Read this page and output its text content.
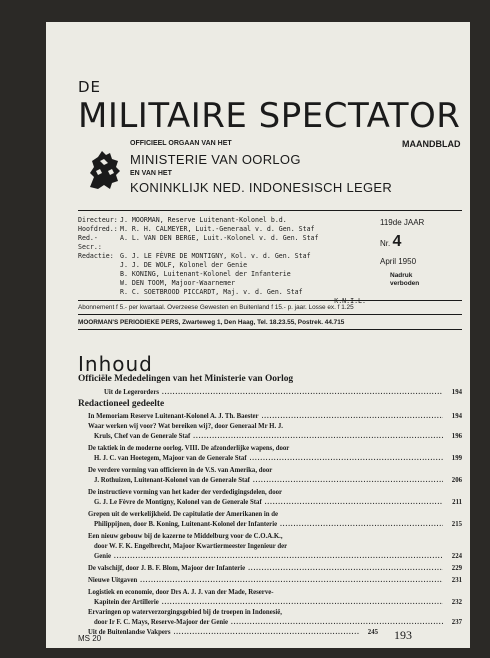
DE
MILITAIRE SPECTATOR
OFFICIEEL ORGAAN VAN HET	MAANDBLAD
MINISTERIE VAN OORLOG
EN VAN HET
KONINKLIJK NED. INDONESISCH LEGER
Directeur: J. MOORMAN, Reserve Luitenant-Kolonel b.d.
Hoofdred.: M. R. H. CALMEYER, Luit.-Generaal v. d. Gen. Staf
Red.-Secr.:
A. L. VAN DEN BERGE, Luit.-Kolonel v. d. Gen. Staf
Redactie: G. J. LE FÈVRE DE MONTIGNY, Kol. v. d. Gen. Staf
J. J. DE WOLF, Kolonel der Genie
B. KONING, Luitenant-Kolonel der Infanterie
W. DEN TOOM, Majoor-Waarnemer
R. C. SOETBROOD PICCARDT, Maj. v. d. Gen. Staf
K.N.I.L.
119de JAAR
Nr. 4
April 1950
Nadruk
verboden
Abonnement f 5.- per kwartaal. Overzeese Gewesten en Buitenland f 15.- p. jaar. Losse ex. f 1.25
MOORMAN'S PERIODIEKE PERS, Zwarteweg 1, Den Haag, Tel. 18.23.55, Postrek. 44.715
Inhoud
Officiële Mededelingen van het Ministerie van Oorlog
Redactioneel gedeelte
Uit de Legerorders .....	194
In Memoriam Reserve Luitenant-Kolonel A. J. Th. Baester .....	194
Waar werken wij voor? Wat bereiken wij?, door Generaal Mr H. J.
Kruls, Chef van de Generale Staf .....	196
De taktiek in de moderne oorlog. VIII. De afzonderlijke wapens, door
H. J. C. van Hoetegem, Majoor van de Generale Staf .....	199
De verdere vorming van officieren in de V.S. van Amerika, door
J. Rothuizen, Luitenant-Kolonel van de Generale Staf .....	206
De instructieve vorming van het kader der verdedigingsdelen, door
G. J. Le Fèvre de Montigny, Kolonel van de Generale Staf .....	211
Grepen uit de werkelijkheid. De capitulatie der Amerikanen in de
Philippijnen, door B. Koning, Luitenant-Kolonel der Infanterie .....	215
Een nieuw gebouw bij de kazerne te Middelburg voor de C.O.A.K.,
door W. F. K. Engelbrecht, Majoor Kwartiermeester Ingenieur der
Genie .....	224
De valschijf, door J. B. F. Blom, Majoor der Infanterie .....	229
Nieuwe Uitgaven .....	231
Logistiek en economie, door Drs A. J. J. van der Made, Reserve-
Kapitein der Artillerie .....	232
Ervaringen op waterverzorgingsgebied bij de troepen in Indonesië,
door Ir F. C. Mays, Reserve-Majoor der Genie .....	237
Uit de Buitenlandse Vakpers .....	245
MS 20	193
